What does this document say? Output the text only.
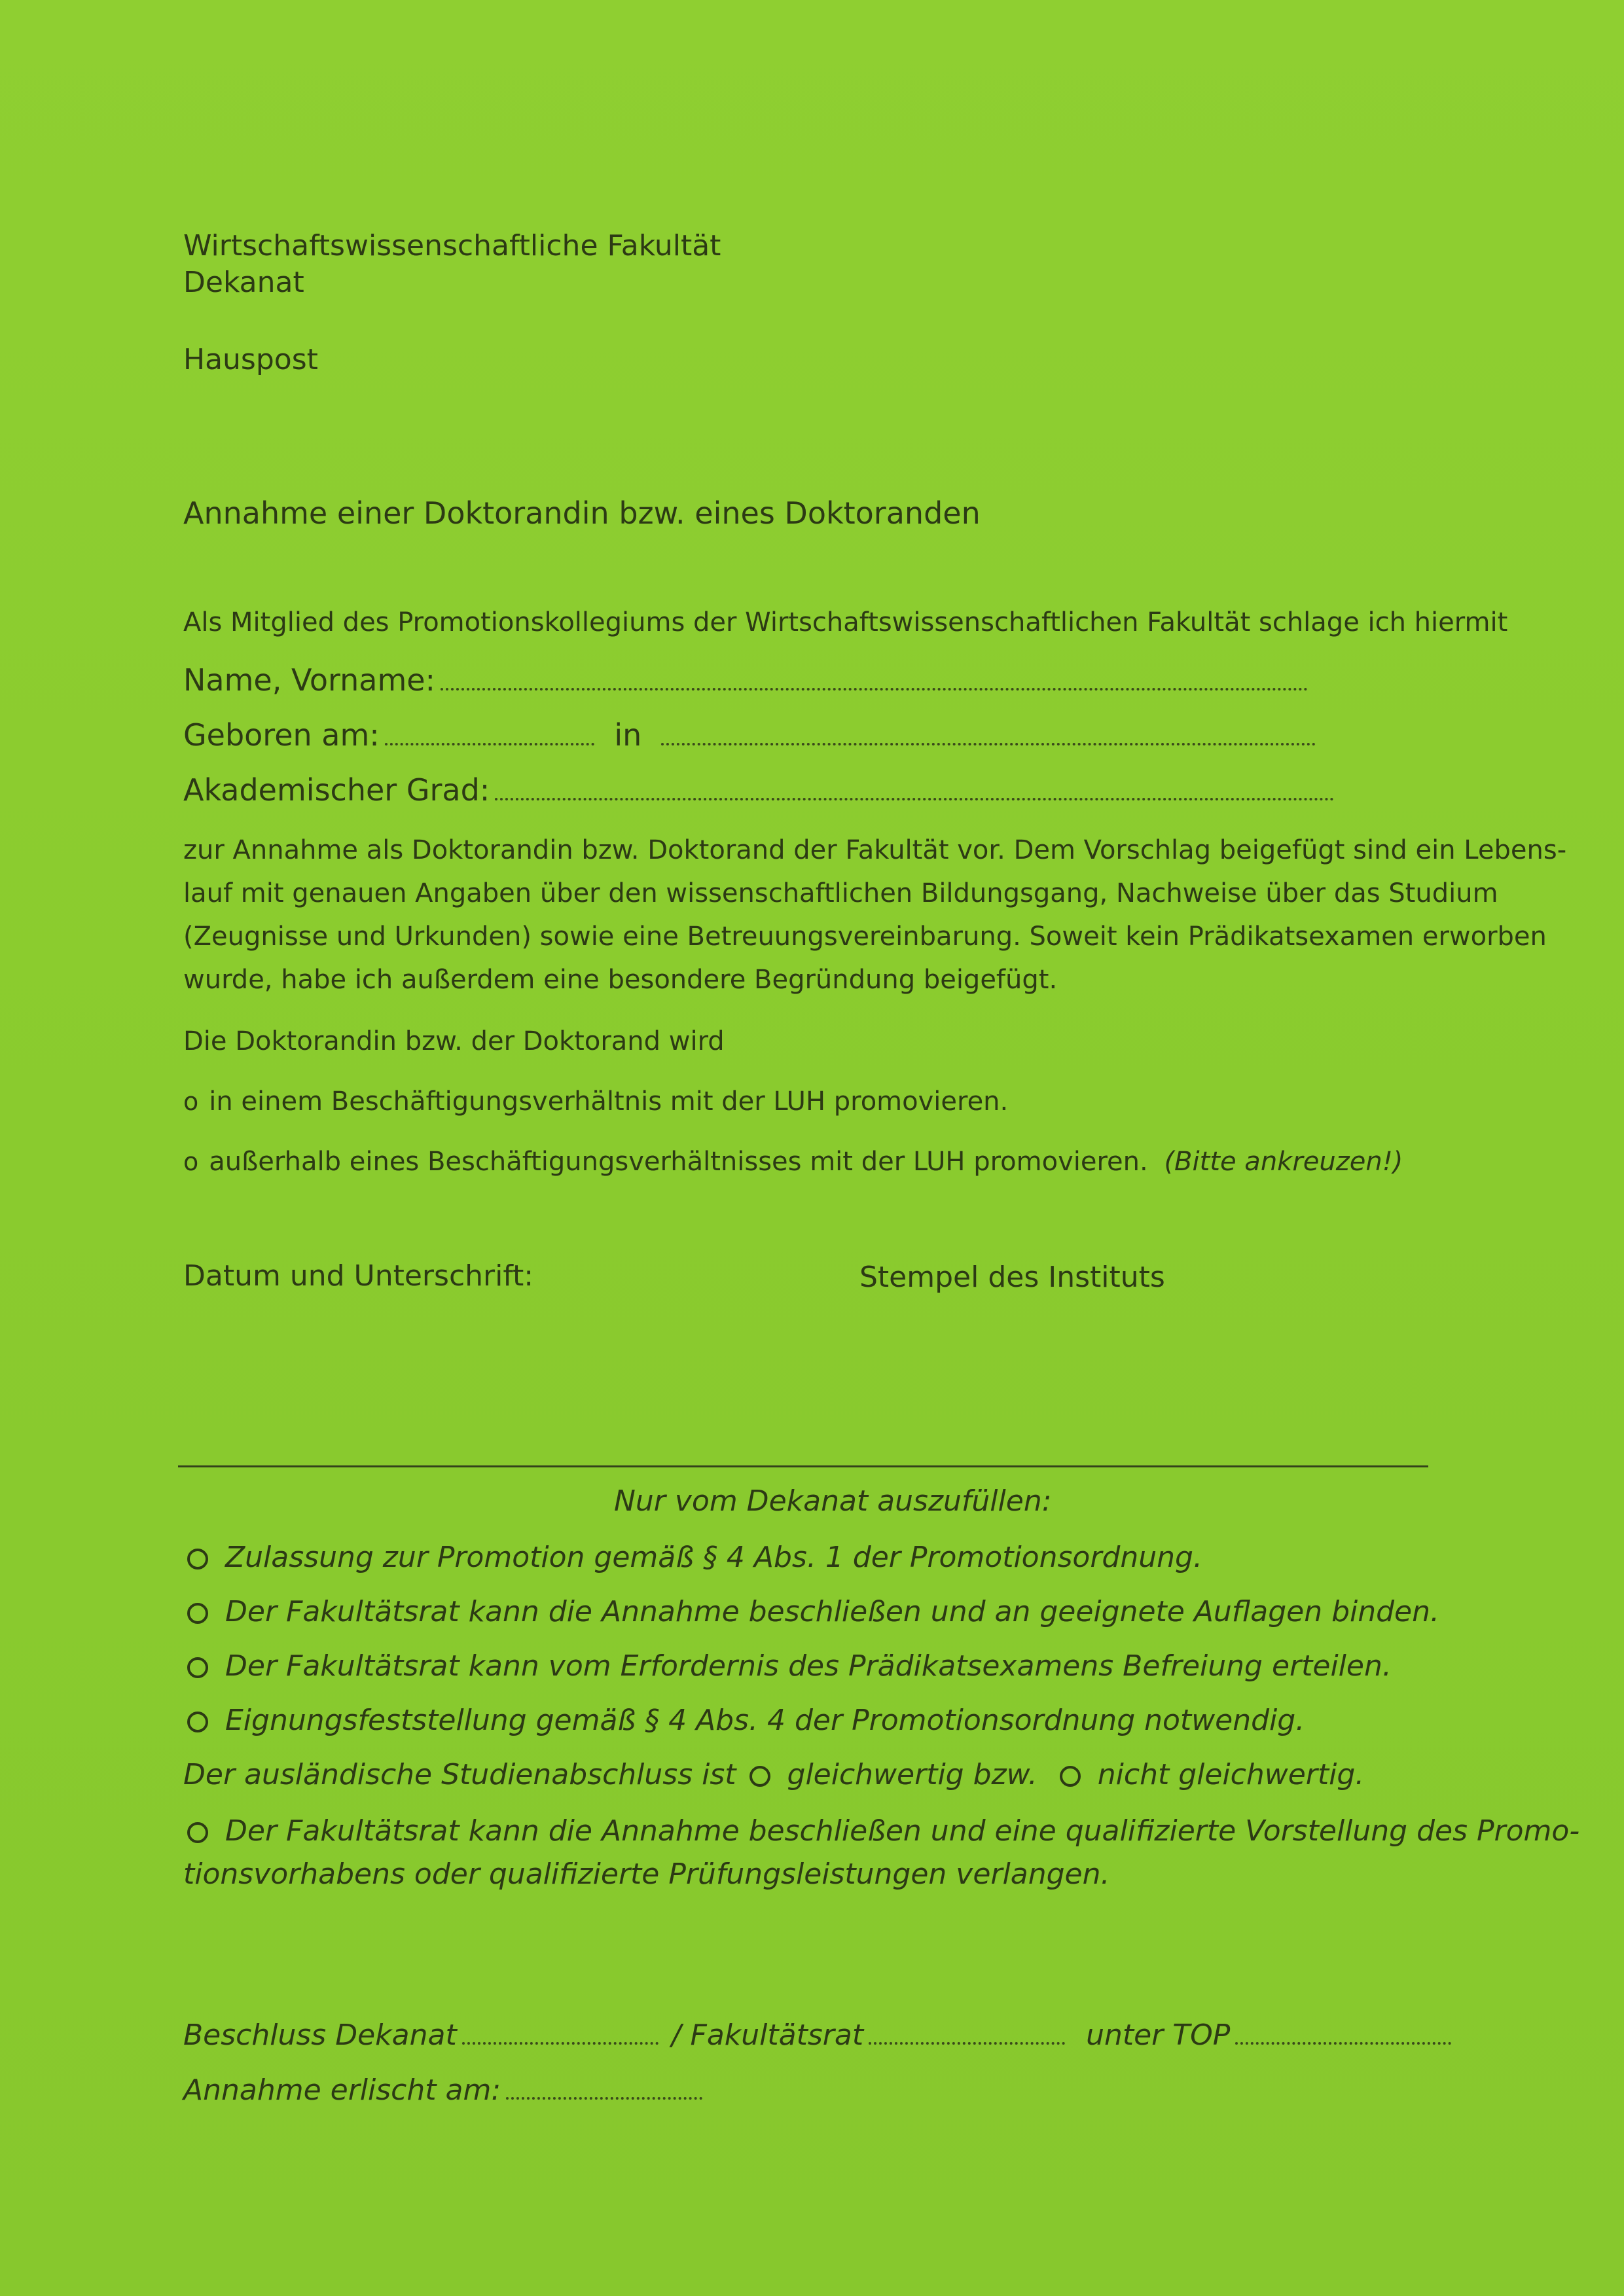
Wirtschaftswissenschaftliche Fakultät

Dekanat

Hauspost

Annahme einer Doktorandin bzw. eines Doktoranden

Als Mitglied des Promotionskollegiums der Wirtschaftswissenschaftlichen Fakultät schlage ich hiermit

Name, Vorname:
Geboren am:	in
Akademischer Grad:

zur Annahme als Doktorandin bzw. Doktorand der Fakultät vor. Dem Vorschlag beigefügt sind ein Lebens-

lauf mit genauen Angaben über den wissenschaftlichen Bildungsgang, Nachweise über das Studium

(Zeugnisse und Urkunden) sowie eine Betreuungsvereinbarung. Soweit kein Prädikatsexamen erworben

wurde, habe ich außerdem eine besondere Begründung beigefügt.

Die Doktorandin bzw. der Doktorand wird

o in einem Beschäftigungsverhältnis mit der LUH promovieren.
o außerhalb eines Beschäftigungsverhältnisses mit der LUH promovieren. (Bitte ankreuzen!)

Datum und Unterschrift:	Stempel des Instituts

Nur vom Dekanat auszufüllen:

Zulassung zur Promotion gemäß § 4 Abs. 1 der Promotionsordnung.
Der Fakultätsrat kann die Annahme beschließen und an geeignete Auflagen binden.
Der Fakultätsrat kann vom Erfordernis des Prädikatsexamens Befreiung erteilen.
Eignungsfeststellung gemäß § 4 Abs. 4 der Promotionsordnung notwendig.
Der ausländische Studienabschluss ist gleichwertig bzw. nicht gleichwertig.
Der Fakultätsrat kann die Annahme beschließen und eine qualifizierte Vorstellung des Promo-

tionsvorhabens oder qualifizierte Prüfungsleistungen verlangen.

Beschluss Dekanat	/ Fakultätsrat	unter TOP
Annahme erlischt am:
